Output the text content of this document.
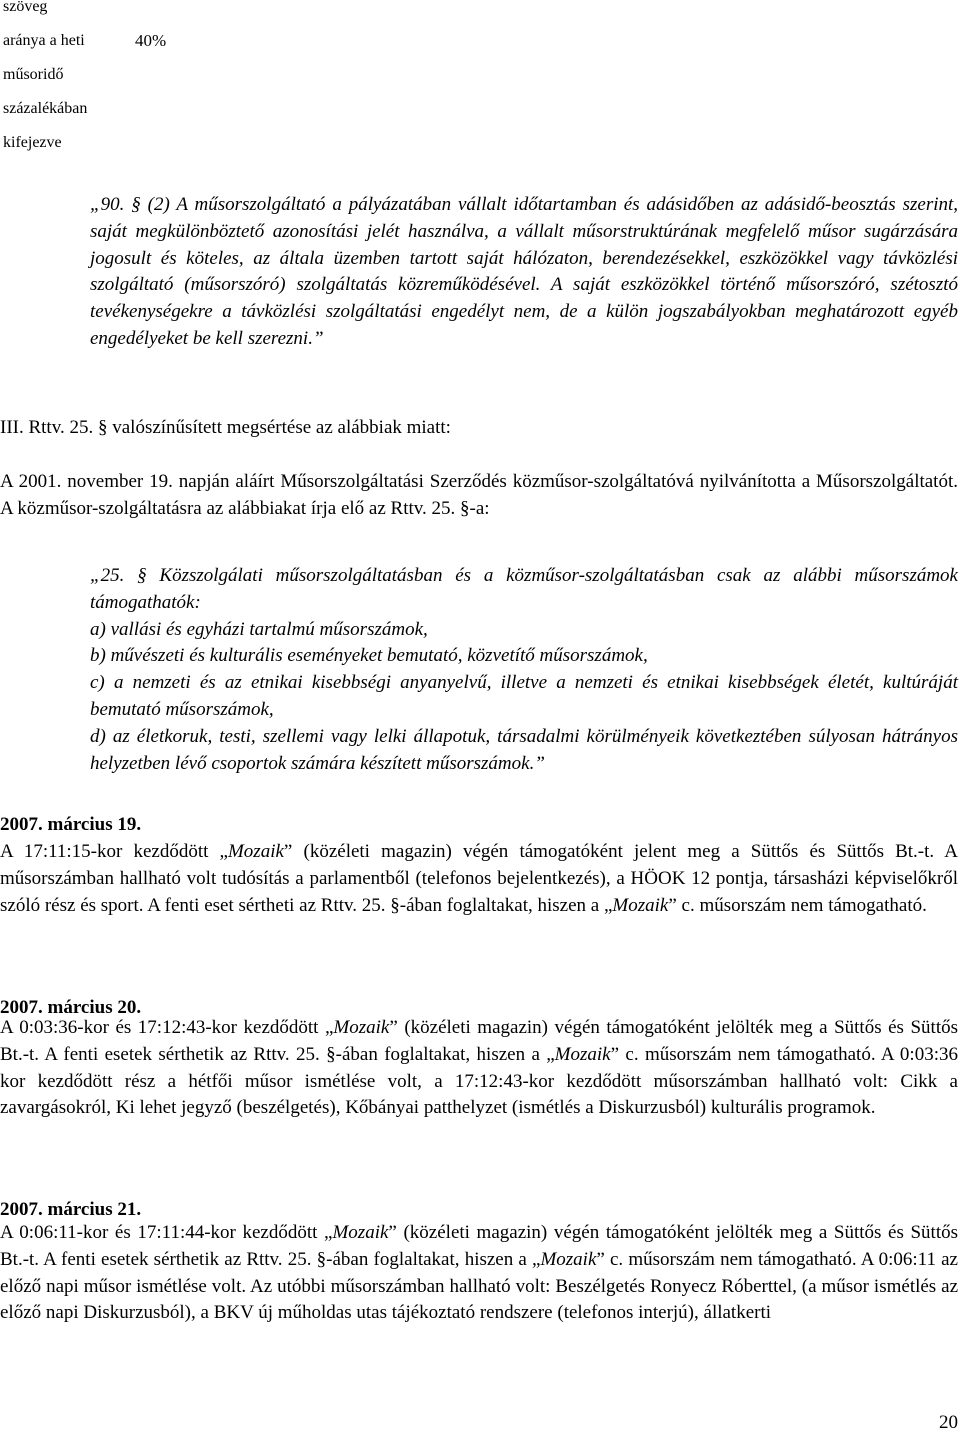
szöveg
aránya a heti
műsoridő
százalékában
kifejezve
40%
„90. § (2) A műsorszolgáltató a pályázatában vállalt időtartamban és adásidőben az adásidő-beosztás szerint, saját megkülönböztető azonosítási jelét használva, a vállalt műsorstruktúrának megfelelő műsor sugárzására jogosult és köteles, az általa üzemben tartott saját hálózaton, berendezésekkel, eszközökkel vagy távközlési szolgáltató (műsorszóró) szolgáltatás közreműködésével. A saját eszközökkel történő műsorszóró, szétosztó tevékenységekre a távközlési szolgáltatási engedélyt nem, de a külön jogszabályokban meghatározott egyéb engedélyeket be kell szerezni.”
III. Rttv. 25. § valószínűsített megsértése az alábbiak miatt:
A 2001. november 19. napján aláírt Műsorszolgáltatási Szerződés közműsor-szolgáltatóvá nyilvánította a Műsorszolgáltatót. A közműsor-szolgáltatásra az alábbiakat írja elő az Rttv. 25. §-a:
„25. § Közszolgálati műsorszolgáltatásban és a közműsor-szolgáltatásban csak az alábbi műsorszámok támogathatók:
a) vallási és egyházi tartalmú műsorszámok,
b) művészeti és kulturális eseményeket bemutató, közvetítő műsorszámok,
c) a nemzeti és az etnikai kisebbségi anyanyelvű, illetve a nemzeti és etnikai kisebbségek életét, kultúráját bemutató műsorszámok,
d) az életkoruk, testi, szellemi vagy lelki állapotuk, társadalmi körülményeik következtében súlyosan hátrányos helyzetben lévő csoportok számára készített műsorszámok.”
2007. március 19.
A 17:11:15-kor kezdődött „Mozaik” (közéleti magazin) végén támogatóként jelent meg a Süttős és Süttős Bt.-t. A műsorszámban hallható volt tudósítás a parlamentből (telefonos bejelentkezés), a HÖOK 12 pontja, társasházi képviselőkről szóló rész és sport. A fenti eset sértheti az Rttv. 25. §-ában foglaltakat, hiszen a „Mozaik” c. műsorszám nem támogatható.
2007. március 20.
A 0:03:36-kor és 17:12:43-kor kezdődött „Mozaik” (közéleti magazin) végén támogatóként jelölték meg a Süttős és Süttős Bt.-t. A fenti esetek sérthetik az Rttv. 25. §-ában foglaltakat, hiszen a „Mozaik” c. műsorszám nem támogatható. A 0:03:36 kor kezdődött rész a hétfői műsor ismétlése volt, a 17:12:43-kor kezdődött műsorszámban hallható volt: Cikk a zavargásokról, Ki lehet jegyző (beszélgetés), Kőbányai patthelyzet (ismétlés a Diskurzusból) kulturális programok.
2007. március 21.
A 0:06:11-kor és 17:11:44-kor kezdődött „Mozaik” (közéleti magazin) végén támogatóként jelölték meg a Süttős és Süttős Bt.-t. A fenti esetek sérthetik az Rttv. 25. §-ában foglaltakat, hiszen a „Mozaik” c. műsorszám nem támogatható. A 0:06:11 az előző napi műsor ismétlése volt. Az utóbbi műsorszámban hallható volt: Beszélgetés Ronyecz Róberttel, (a műsor ismétlés az előző napi Diskurzusból), a BKV új műholdas utas tájékoztató rendszere (telefonos interjú), állatkerti
20
